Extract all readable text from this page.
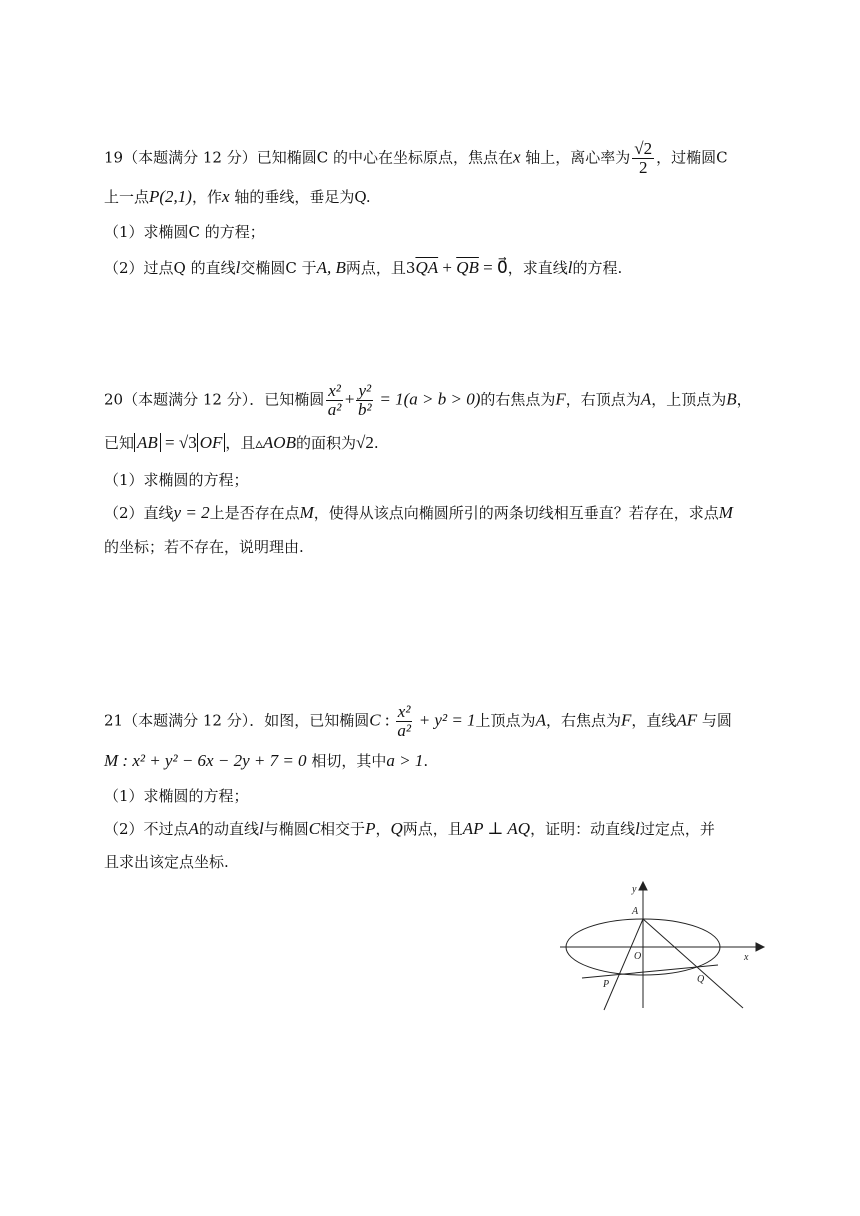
19（本题满分 12 分）已知椭圆C 的中心在坐标原点，焦点在x 轴上，离心率为 $\frac{√2}{2}$ ，过椭圆C
上一点P(2,1)，作x 轴的垂线，垂足为Q.
（1）求椭圆C 的方程；
（2）过点Q 的直线l交椭圆C 于A, B两点，且$3\overline{QA} + \overline{QB}$ = 0⃗，求直线l的方程.
20（本题满分 12 分）．已知椭圆 $\frac{\text{x²}}{\text{a²}} + \frac{\text{y²}}{\text{b²}} = 1(a > b > 0)$的右焦点为F，右顶点为A，上顶点为B，
已知 AB = √3 OF ，且▵AOB的面积为√2.
（1）求椭圆的方程；
（2）直线y = 2上是否存在点M，使得从该点向椭圆所引的两条切线相互垂直？若存在，求点M
的坐标；若不存在，说明理由.
21（本题满分 12 分）．如图，已知椭圆C : $\frac{\text{x²}}{\text{a²}} + y^2 = 1$上顶点为A，右焦点为F，直线AF 与圆
M : x² + y² − 6x − 2y + 7 = 0 相切，其中a > 1.
（1）求椭圆的方程；
（2）不过点A的动直线l与椭圆C相交于P，Q两点，且AP ⊥ AQ，证明：动直线l过定点，并
且求出该定点坐标.
y
x
A
O
P	Q
